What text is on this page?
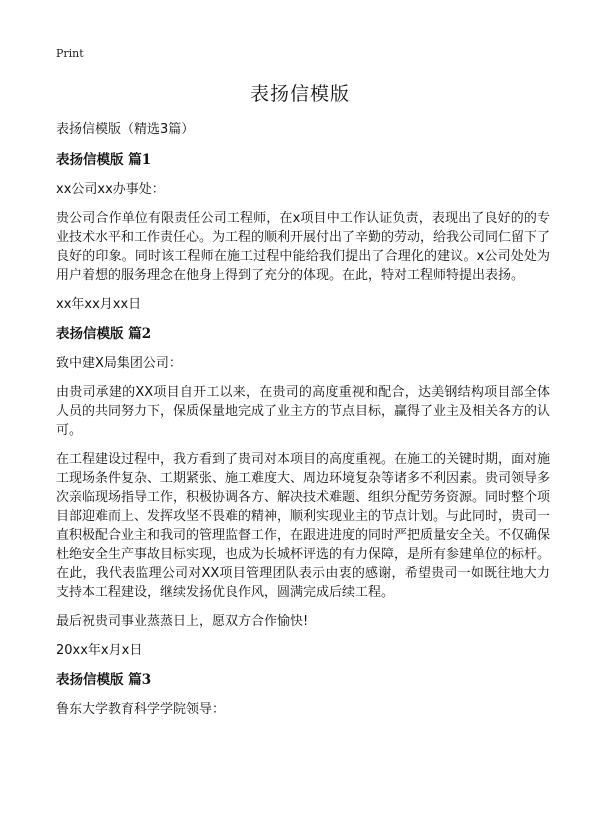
Print
表扬信模版
表扬信模版（精选3篇）
表扬信模版 篇1
xx公司xx办事处：

贵公司合作单位有限责任公司工程师，在x项目中工作认证负责，表现出了良好的的专业技术水平和工作责任心。为工程的顺利开展付出了辛勤的劳动，给我公司同仁留下了良好的印象。同时该工程师在施工过程中能给我们提出了合理化的建议。x公司处处为用户着想的服务理念在他身上得到了充分的体现。在此，特对工程师特提出表扬。

xx年xx月xx日
表扬信模版 篇2
致中建X局集团公司：

由贵司承建的XX项目自开工以来，在贵司的高度重视和配合，达美钢结构项目部全体人员的共同努力下，保质保量地完成了业主方的节点目标，赢得了业主及相关各方的认可。

在工程建设过程中，我方看到了贵司对本项目的高度重视。在施工的关键时期，面对施工现场条件复杂、工期紧张、施工难度大、周边环境复杂等诸多不利因素。贵司领导多次亲临现场指导工作，积极协调各方、解决技术难题、组织分配劳务资源。同时整个项目部迎难而上、发挥攻坚不畏难的精神，顺利实现业主的节点计划。与此同时，贵司一直积极配合业主和我司的管理监督工作，在跟进进度的同时严把质量安全关。不仅确保杜绝安全生产事故目标实现，也成为长城杯评选的有力保障，是所有参建单位的标杆。在此，我代表监理公司对XX项目管理团队表示由衷的感谢，希望贵司一如既往地大力支持本工程建设，继续发扬优良作风，圆满完成后续工程。

最后祝贵司事业蒸蒸日上，愿双方合作愉快!

20xx年x月x日
表扬信模版 篇3
鲁东大学教育科学学院领导：
